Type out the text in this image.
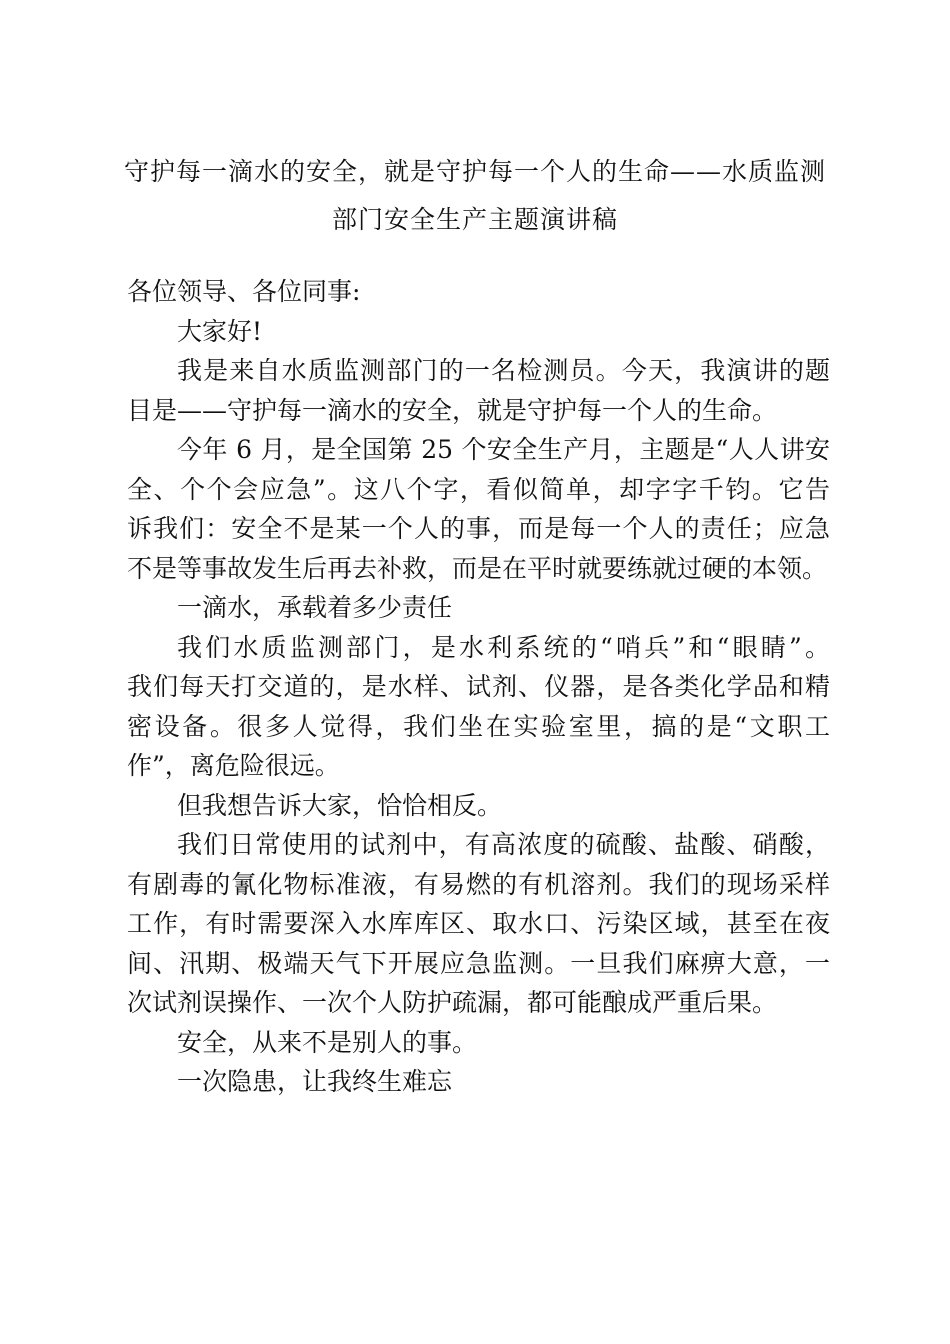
守护每一滴水的安全，就是守护每一个人的生命——水质监测
部门安全生产主题演讲稿

各位领导、各位同事:

大家好!

我是来自水质监测部门的一名检测员。今天，我演讲的题
目是——守护每一滴水的安全，就是守护每一个人的生命。

今年 6 月，是全国第 25 个安全生产月，主题是“人人讲安
全、个个会应急”。这八个字，看似简单，却字字千钧。它告
诉我们：安全不是某一个人的事，而是每一个人的责任；应急
不是等事故发生后再去补救，而是在平时就要练就过硬的本领。

一滴水，承载着多少责任

我们水质监测部门，是水利系统的“哨兵”和“眼睛”。
我们每天打交道的，是水样、试剂、仪器，是各类化学品和精
密设备。很多人觉得，我们坐在实验室里，搞的是“文职工
作”，离危险很远。

但我想告诉大家，恰恰相反。

我们日常使用的试剂中，有高浓度的硫酸、盐酸、硝酸，
有剧毒的氰化物标准液，有易燃的有机溶剂。我们的现场采样
工作，有时需要深入水库库区、取水口、污染区域，甚至在夜
间、汛期、极端天气下开展应急监测。一旦我们麻痹大意，一
次试剂误操作、一次个人防护疏漏，都可能酿成严重后果。

安全，从来不是别人的事。

一次隐患，让我终生难忘
